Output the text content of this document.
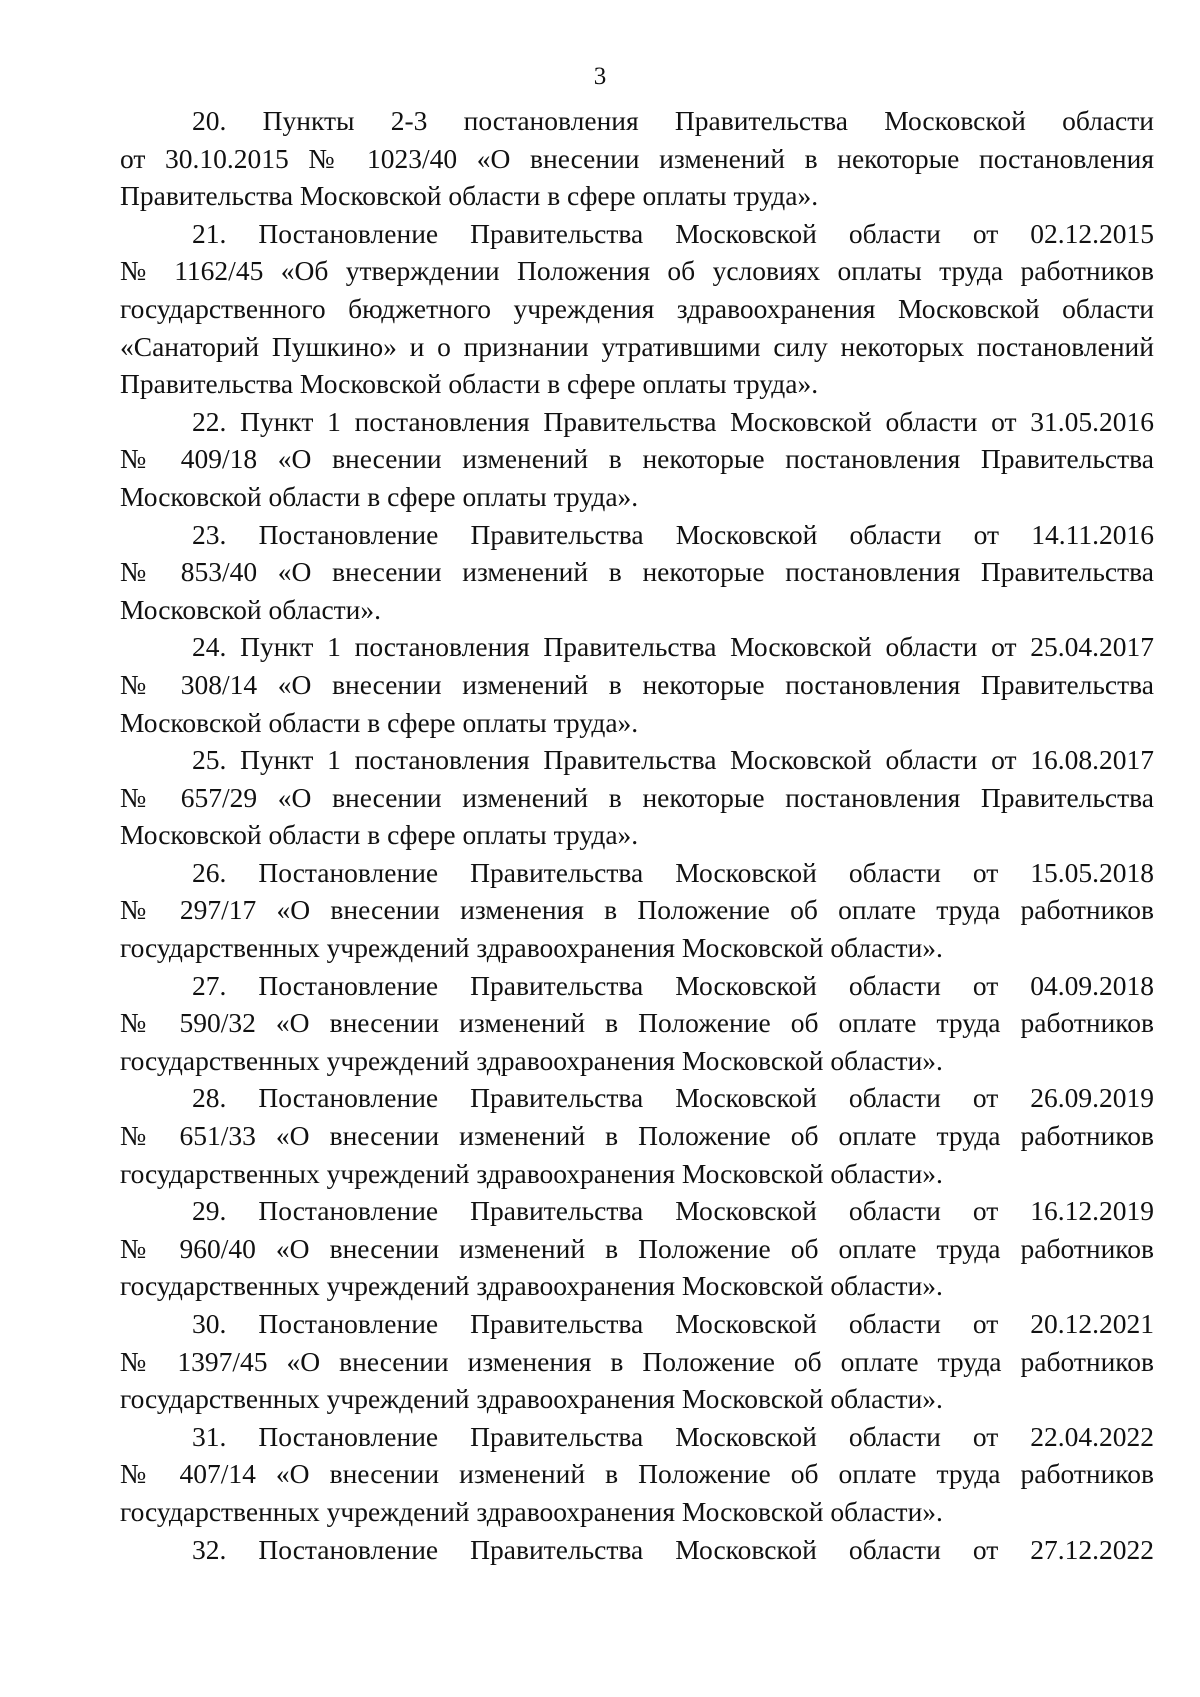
3
20. Пункты 2-3 постановления Правительства Московской области
от 30.10.2015 № 1023/40 «О внесении изменений в некоторые постановления
Правительства Московской области в сфере оплаты труда».
21. Постановление Правительства Московской области от 02.12.2015
№ 1162/45 «Об утверждении Положения об условиях оплаты труда работников
государственного бюджетного учреждения здравоохранения Московской области
«Санаторий Пушкино» и о признании утратившими силу некоторых постановлений
Правительства Московской области в сфере оплаты труда».
22. Пункт 1 постановления Правительства Московской области от 31.05.2016
№ 409/18 «О внесении изменений в некоторые постановления Правительства
Московской области в сфере оплаты труда».
23. Постановление Правительства Московской области от 14.11.2016
№ 853/40 «О внесении изменений в некоторые постановления Правительства
Московской области».
24. Пункт 1 постановления Правительства Московской области от 25.04.2017
№ 308/14 «О внесении изменений в некоторые постановления Правительства
Московской области в сфере оплаты труда».
25. Пункт 1 постановления Правительства Московской области от 16.08.2017
№ 657/29 «О внесении изменений в некоторые постановления Правительства
Московской области в сфере оплаты труда».
26. Постановление Правительства Московской области от 15.05.2018
№ 297/17 «О внесении изменения в Положение об оплате труда работников
государственных учреждений здравоохранения Московской области».
27. Постановление Правительства Московской области от 04.09.2018
№ 590/32 «О внесении изменений в Положение об оплате труда работников
государственных учреждений здравоохранения Московской области».
28. Постановление Правительства Московской области от 26.09.2019
№ 651/33 «О внесении изменений в Положение об оплате труда работников
государственных учреждений здравоохранения Московской области».
29. Постановление Правительства Московской области от 16.12.2019
№ 960/40 «О внесении изменений в Положение об оплате труда работников
государственных учреждений здравоохранения Московской области».
30. Постановление Правительства Московской области от 20.12.2021
№ 1397/45 «О внесении изменения в Положение об оплате труда работников
государственных учреждений здравоохранения Московской области».
31. Постановление Правительства Московской области от 22.04.2022
№ 407/14 «О внесении изменений в Положение об оплате труда работников
государственных учреждений здравоохранения Московской области».
32. Постановление Правительства Московской области от 27.12.2022
